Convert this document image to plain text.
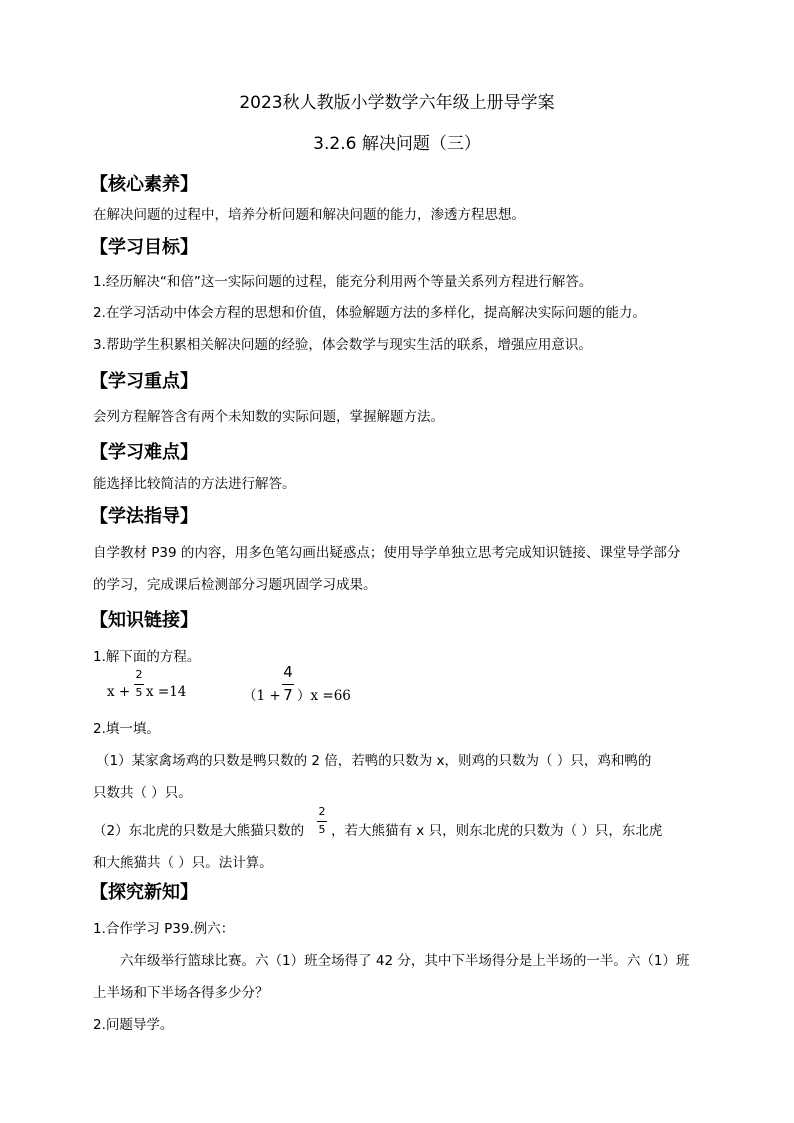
2023秋人教版小学数学六年级上册导学案
3.2.6 解决问题（三）
【核心素养】
在解决问题的过程中，培养分析问题和解决问题的能力，渗透方程思想。
【学习目标】
1.经历解决“和倍”这一实际问题的过程，能充分利用两个等量关系列方程进行解答。
2.在学习活动中体会方程的思想和价值，体验解题方法的多样化，提高解决实际问题的能力。
3.帮助学生积累相关解决问题的经验，体会数学与现实生活的联系，增强应用意识。
【学习重点】
会列方程解答含有两个未知数的实际问题，掌握解题方法。
【学习难点】
能选择比较简洁的方法进行解答。
【学法指导】
自学教材 P39 的内容，用多色笔勾画出疑惑点；使用导学单独立思考完成知识链接、课堂导学部分
的学习，完成课后检测部分习题巩固学习成果。
【知识链接】
1.解下面的方程。
x +
2
5 x =14	（1 +
4
7 ）x =66
2.填一填。
（1）某家禽场鸡的只数是鸭只数的 2 倍，若鸭的只数为 x，则鸡的只数为（ ）只，鸡和鸭的
只数共（ ）只。
（2）东北虎的只数是大熊猫只数的
2
5 ，若大熊猫有 x 只，则东北虎的只数为（ ）只，东北虎
和大熊猫共（ ）只。法计算。
【探究新知】
1.合作学习 P39.例六：
六年级举行篮球比赛。六（1）班全场得了 42 分，其中下半场得分是上半场的一半。六（1）班
上半场和下半场各得多少分？
2.问题导学。
